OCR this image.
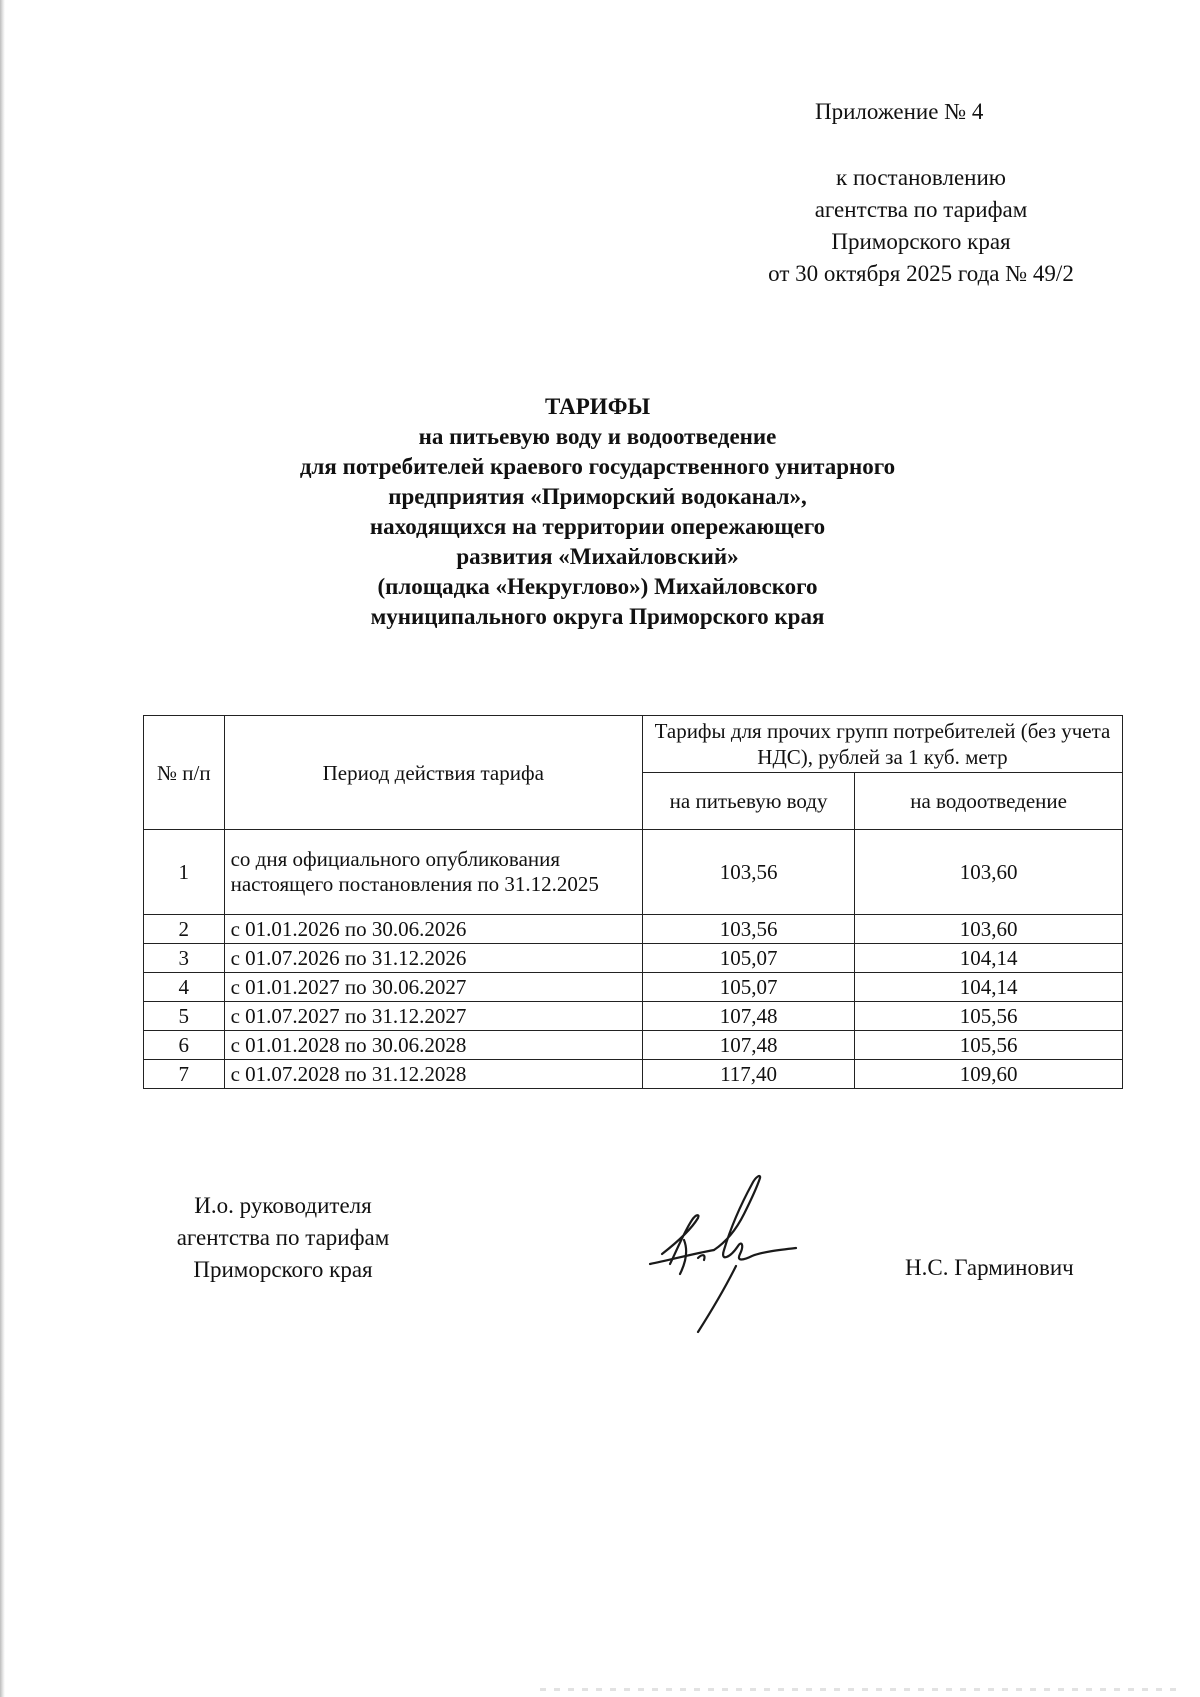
Приложение № 4
к постановлению
агентства по тарифам
Приморского края
от 30 октября 2025 года № 49/2
ТАРИФЫ
на питьевую воду и водоотведение
для потребителей краевого государственного унитарного
предприятия «Приморский водоканал»,
находящихся на территории опережающего
развития «Михайловский»
(площадка «Некруглово») Михайловского
муниципального округа Приморского края
№ п/п	Период действия тарифа	Тарифы для прочих групп потребителей (без учета НДС), рублей за 1 куб. метр	
		на питьевую воду	на водоотведение
1	со дня официального опубликования настоящего постановления по 31.12.2025	103,56	103,60
2	с 01.01.2026 по 30.06.2026	103,56	103,60
3	с 01.07.2026 по 31.12.2026	105,07	104,14
4	с 01.01.2027 по 30.06.2027	105,07	104,14
5	с 01.07.2027 по 31.12.2027	107,48	105,56
6	с 01.01.2028 по 30.06.2028	107,48	105,56
7	с 01.07.2028 по 31.12.2028	117,40	109,60
И.о. руководителя
агентства по тарифам
Приморского края	Н.С. Гарминович
